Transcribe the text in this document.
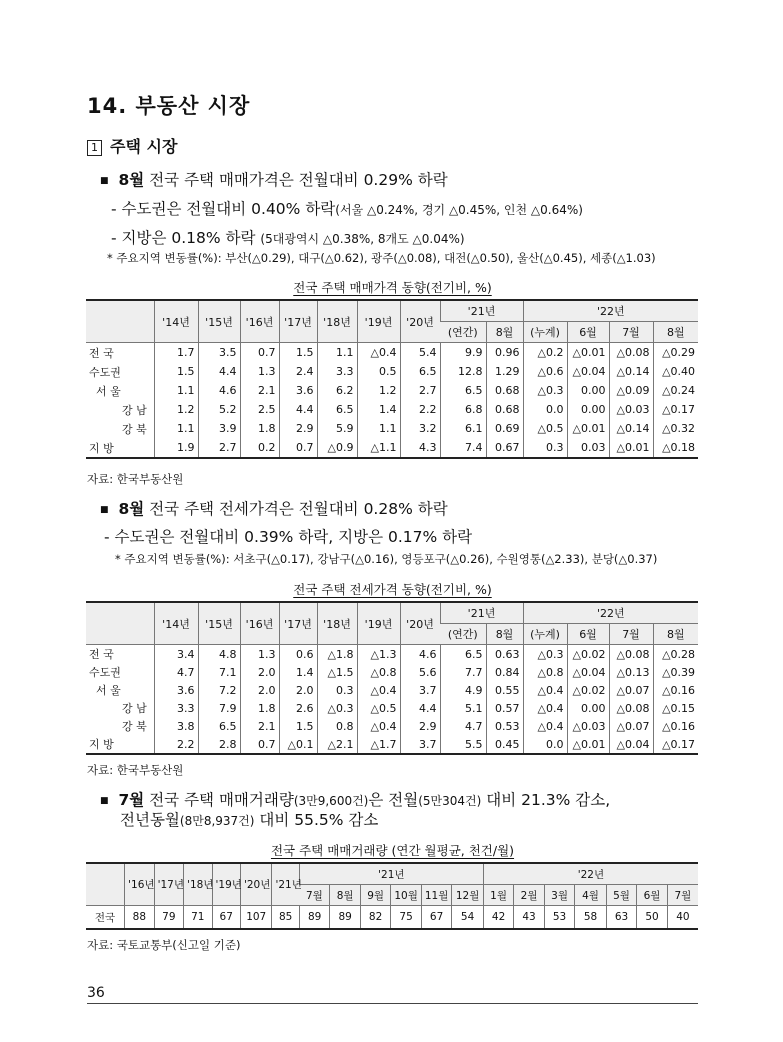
14. 부동산 시장
1 주택 시장
■ 8월 전국 주택 매매가격은 전월대비 0.29% 하락
- 수도권은 전월대비 0.40% 하락(서울 △0.24%, 경기 △0.45%, 인천 △0.64%)
- 지방은 0.18% 하락 (5대광역시 △0.38%, 8개도 △0.04%)
* 주요지역 변동률(%): 부산(△0.29), 대구(△0.62), 광주(△0.08), 대전(△0.50), 울산(△0.45), 세종(△1.03)
전국 주택 매매가격 동향(전기비, %)
	'14년	'15년	'16년	'17년	'18년	'19년	'20년	'21년		'22년			
								(연간)	8월	(누계)	6월	7월	8월
전 국	1.7	3.5	0.7	1.5	1.1	△0.4	5.4	9.9	0.96	△0.2	△0.01	△0.08	△0.29
수도권	1.5	4.4	1.3	2.4	3.3	0.5	6.5	12.8	1.29	△0.6	△0.04	△0.14	△0.40
서 울	1.1	4.6	2.1	3.6	6.2	1.2	2.7	6.5	0.68	△0.3	0.00	△0.09	△0.24
강 남	1.2	5.2	2.5	4.4	6.5	1.4	2.2	6.8	0.68	0.0	0.00	△0.03	△0.17
강 북	1.1	3.9	1.8	2.9	5.9	1.1	3.2	6.1	0.69	△0.5	△0.01	△0.14	△0.32
지 방	1.9	2.7	0.2	0.7	△0.9	△1.1	4.3	7.4	0.67	0.3	0.03	△0.01	△0.18
자료: 한국부동산원
■ 8월 전국 주택 전세가격은 전월대비 0.28% 하락
- 수도권은 전월대비 0.39% 하락, 지방은 0.17% 하락
* 주요지역 변동률(%): 서초구(△0.17), 강남구(△0.16), 영등포구(△0.26), 수원영통(△2.33), 분당(△0.37)
전국 주택 전세가격 동향(전기비, %)
	'14년	'15년	'16년	'17년	'18년	'19년	'20년	'21년		'22년			
								(연간)	8월	(누계)	6월	7월	8월
전 국	3.4	4.8	1.3	0.6	△1.8	△1.3	4.6	6.5	0.63	△0.3	△0.02	△0.08	△0.28
수도권	4.7	7.1	2.0	1.4	△1.5	△0.8	5.6	7.7	0.84	△0.8	△0.04	△0.13	△0.39
서 울	3.6	7.2	2.0	2.0	0.3	△0.4	3.7	4.9	0.55	△0.4	△0.02	△0.07	△0.16
강 남	3.3	7.9	1.8	2.6	△0.3	△0.5	4.4	5.1	0.57	△0.4	0.00	△0.08	△0.15
강 북	3.8	6.5	2.1	1.5	0.8	△0.4	2.9	4.7	0.53	△0.4	△0.03	△0.07	△0.16
지 방	2.2	2.8	0.7	△0.1	△2.1	△1.7	3.7	5.5	0.45	0.0	△0.01	△0.04	△0.17
자료: 한국부동산원
■ 7월 전국 주택 매매거래량(3만9,600건)은 전월(5만304건) 대비 21.3% 감소,
전년동월(8만8,937건) 대비 55.5% 감소
전국 주택 매매거래량 (연간 월평균, 천건/월)
	'16년	'17년	'18년	'19년	'20년	'21년	'21년						'22년						
							7월	8월	9월	10월	11월	12월	1월	2월	3월	4월	5월	6월	7월
전국	88	79	71	67	107	85	89	89	82	75	67	54	42	43	53	58	63	50	40
자료: 국토교통부(신고일 기준)
36
